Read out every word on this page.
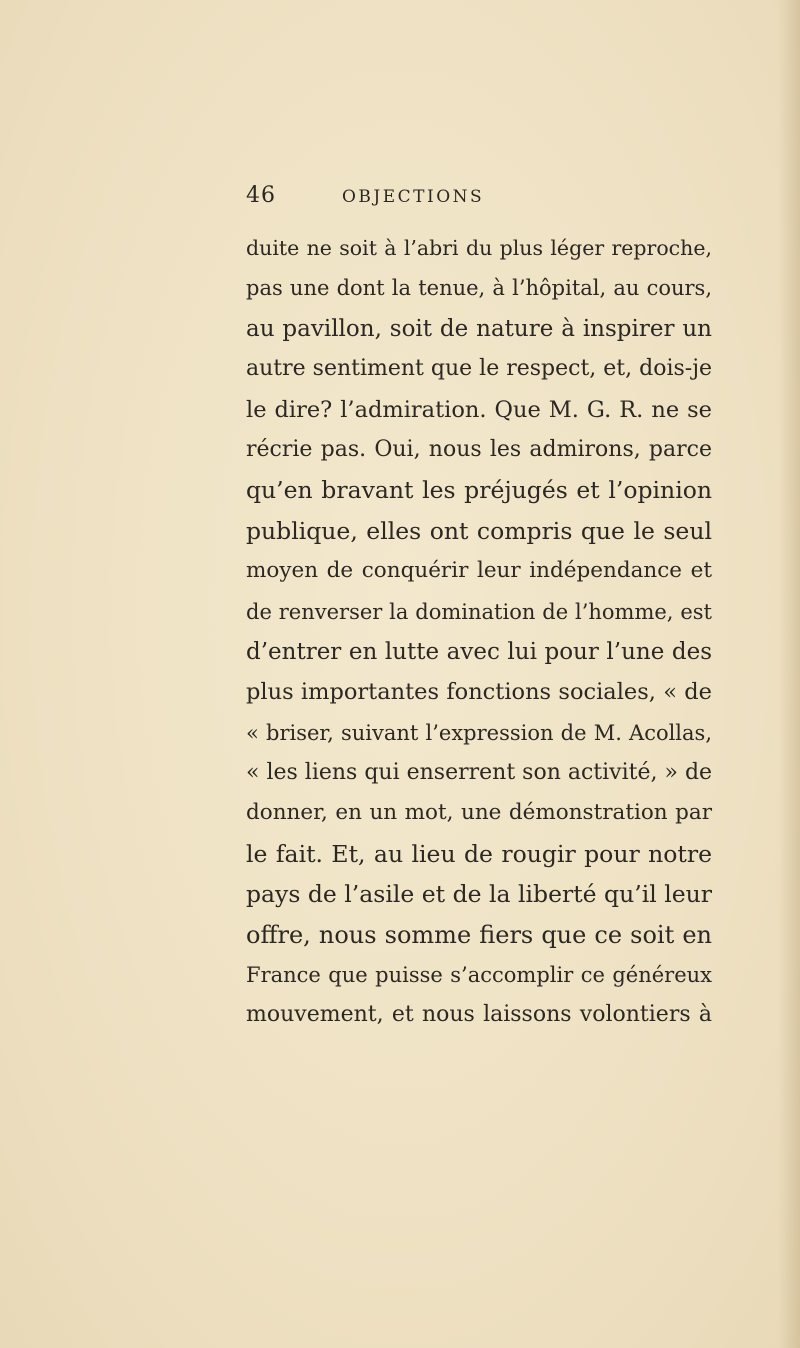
46	OBJECTIONS
duite ne soit à l’abri du plus léger reproche,
pas une dont la tenue, à l’hôpital, au cours,
au pavillon, soit de nature à inspirer un
autre sentiment que le respect, et, dois-je
le dire? l’admiration. Que M. G. R. ne se
récrie pas. Oui, nous les admirons, parce
qu’en bravant les préjugés et l’opinion
publique, elles ont compris que le seul
moyen de conquérir leur indépendance et
de renverser la domination de l’homme, est
d’entrer en lutte avec lui pour l’une des
plus importantes fonctions sociales, « de
« briser, suivant l’expression de M. Acollas,
« les liens qui enserrent son activité, » de
donner, en un mot, une démonstration par
le fait. Et, au lieu de rougir pour notre
pays de l’asile et de la liberté qu’il leur
offre, nous somme fiers que ce soit en
France que puisse s’accomplir ce généreux
mouvement, et nous laissons volontiers à
